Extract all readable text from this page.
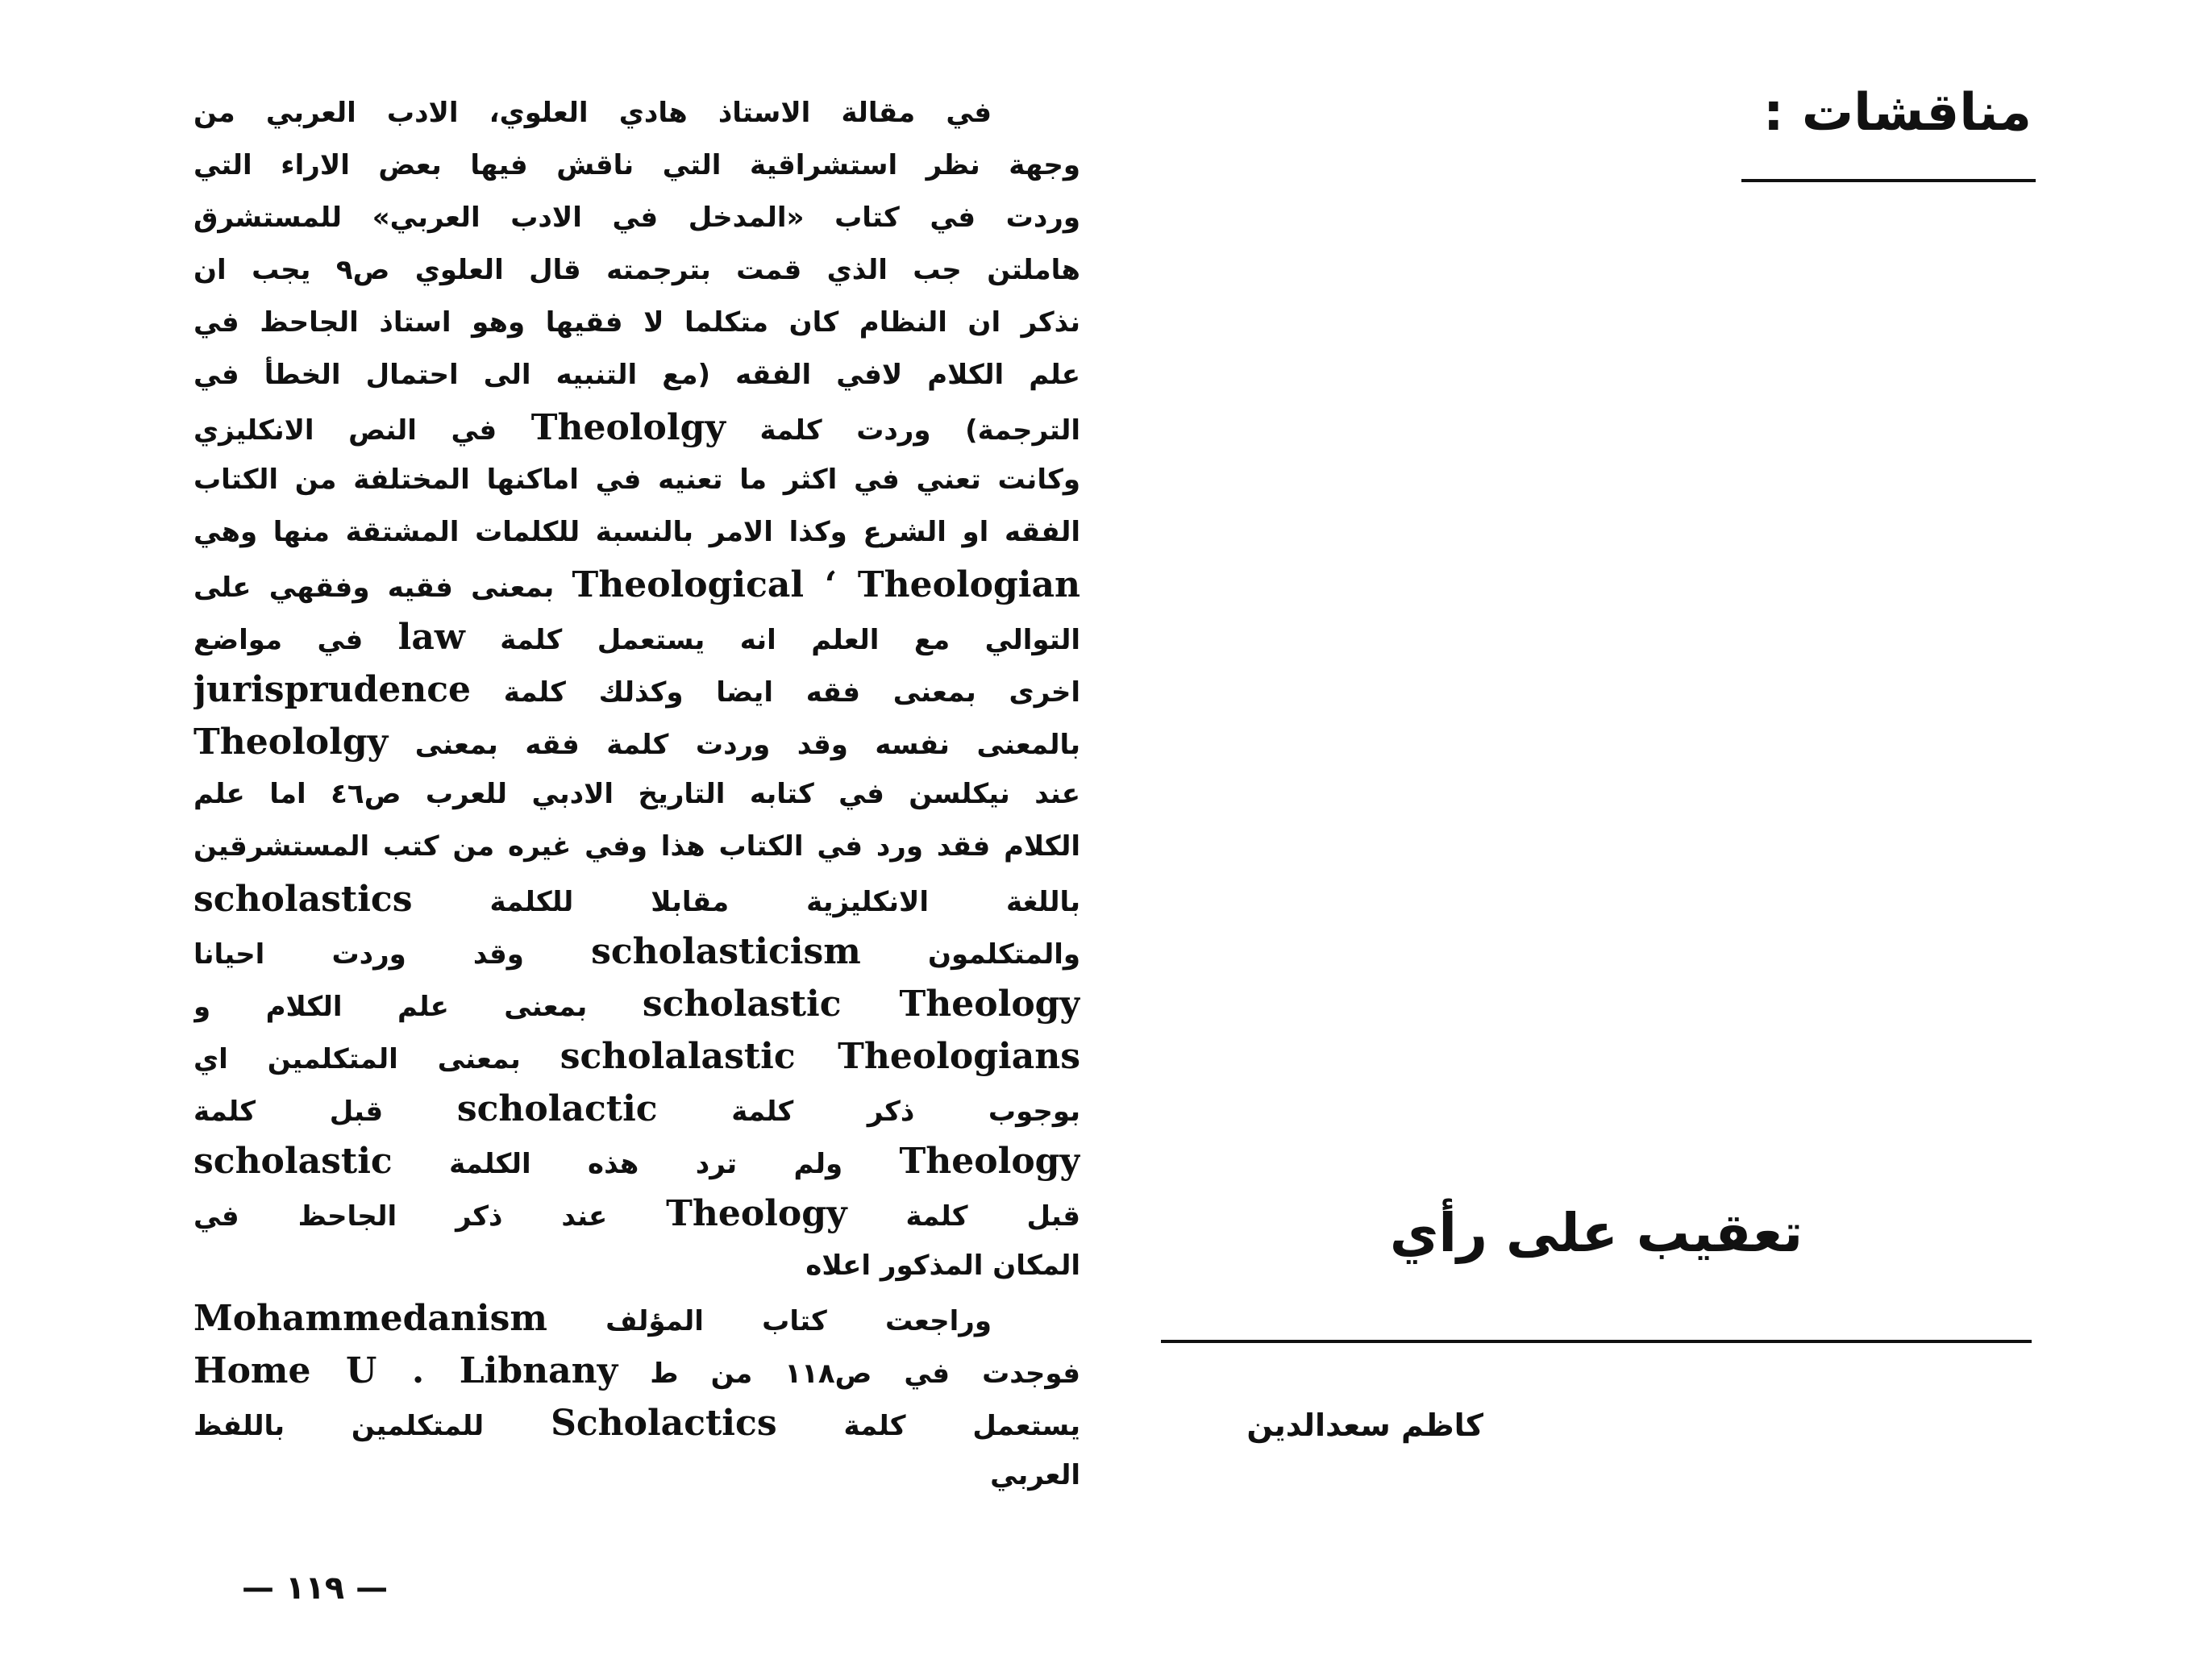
مناقشات :
تعقيب على رأي
كاظم سعدالدين
في مقالة الاستاذ هادي العلوي، الادب العربي من
وجهة نظر استشراقية التي ناقش فيها بعض الاراء التي
وردت في كتاب «المدخل في الادب العربي» للمستشرق
هاملتن جب الذي قمت بترجمته قال العلوي ص٩ يجب ان
نذكر ان النظام كان متكلما لا فقيها وهو استاذ الجاحظ في
علم الكلام لافي الفقه (مع التنبيه الى احتمال الخطأ في
الترجمة) وردت كلمة Theololgy في النص الانكليزي
وكانت تعني في اكثر ما تعنيه في اماكنها المختلفة من الكتاب
الفقه او الشرع وكذا الامر بالنسبة للكلمات المشتقة منها وهي
Theological ‘ Theologian بمعنى فقيه وفقهي على
التوالي مع العلم انه يستعمل كلمة law في مواضع
اخرى بمعنى فقه ايضا وكذلك كلمة jurisprudence
بالمعنى نفسه وقد وردت كلمة فقه بمعنى Theololgy
عند نيكلسن في كتابه التاريخ الادبي للعرب ص٤٦ اما علم
الكلام فقد ورد في الكتاب هذا وفي غيره من كتب المستشرقين
باللغة الانكليزية مقابلا للكلمة scholastics
والمتكلمون scholasticism وقد وردت احيانا
scholastic Theology بمعنى علم الكلام و
scholalastic Theologians بمعنى المتكلمين اي
بوجوب ذكر كلمة scholactic قبل كلمة
Theology ولم ترد هذه الكلمة scholastic
قبل كلمة Theology عند ذكر الجاحظ في
المكان المذكور اعلاه
وراجعت كتاب المؤلف Mohammedanism
فوجدت في ص١١٨ من ط Home U . Libnany
يستعمل كلمة Scholactics للمتكلمين باللفظ
العربي
— ١١٩ —
